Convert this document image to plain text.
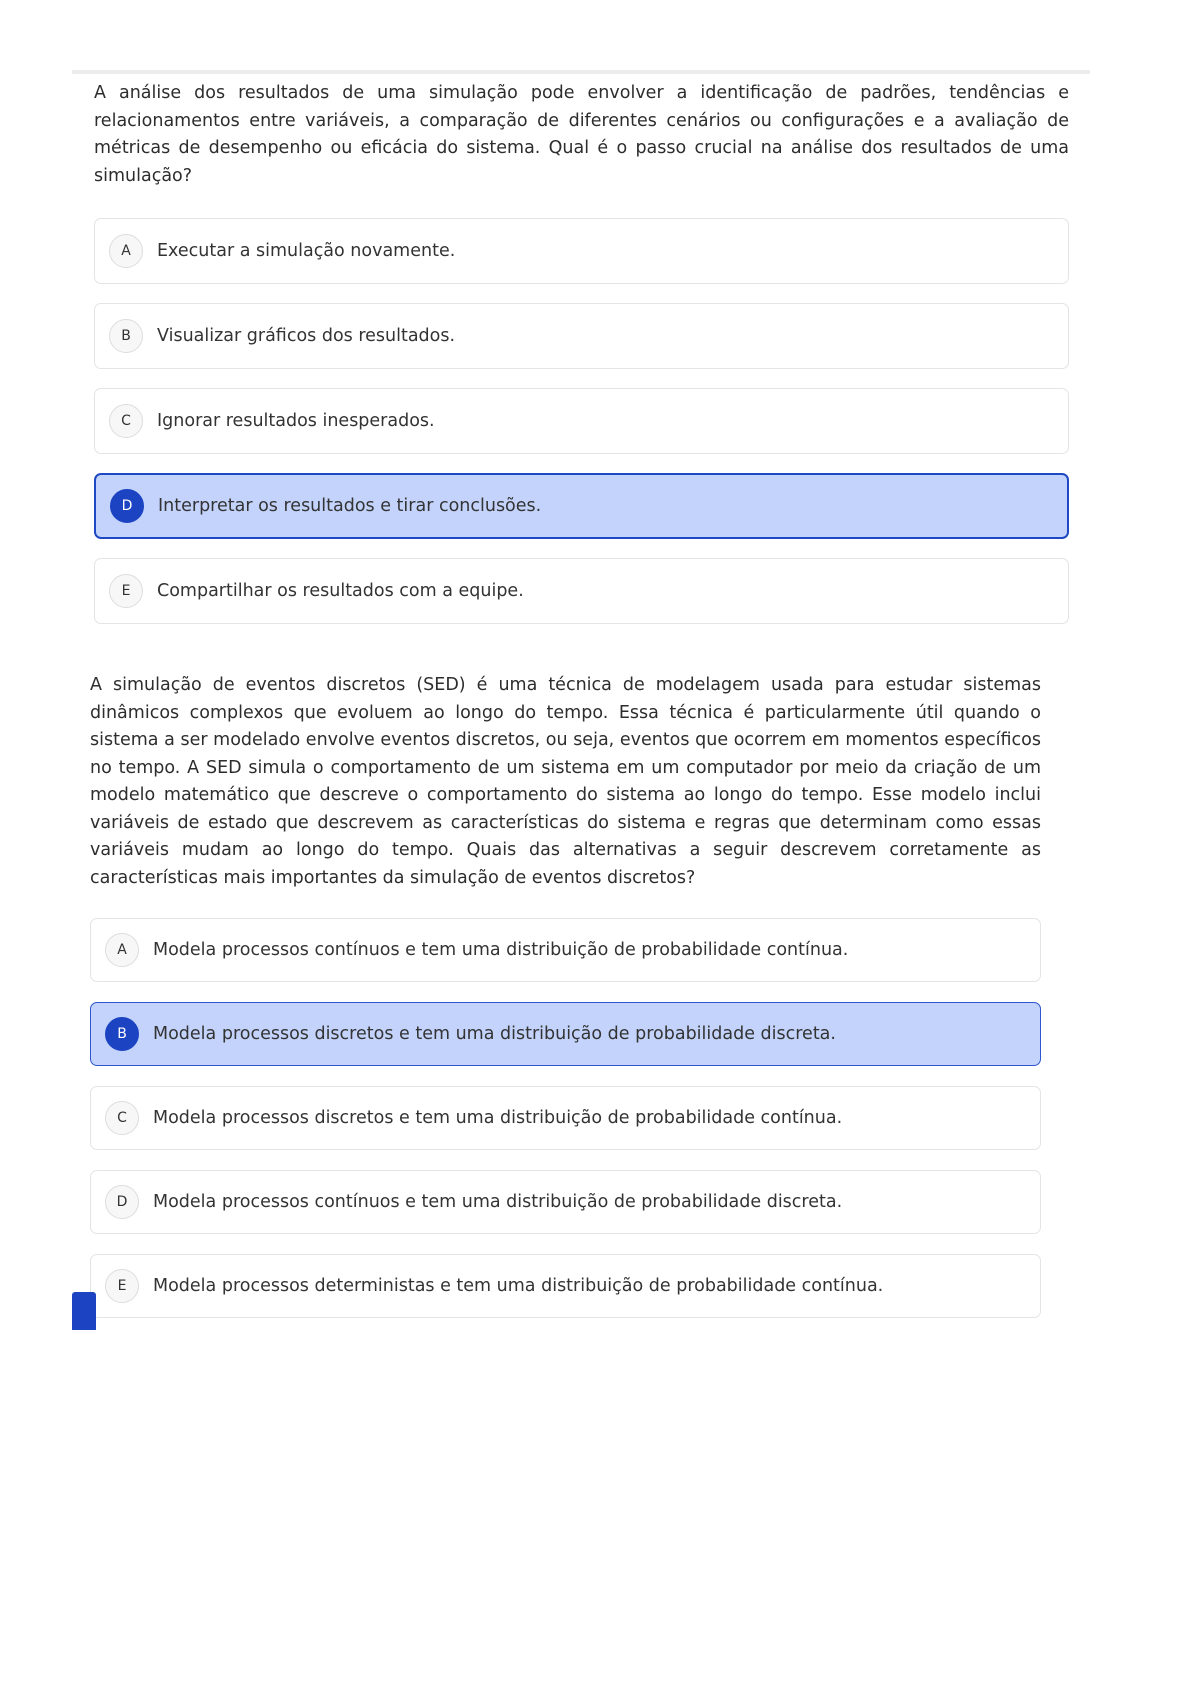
A análise dos resultados de uma simulação pode envolver a identificação de padrões, tendências e relacionamentos entre variáveis, a comparação de diferentes cenários ou configurações e a avaliação de métricas de desempenho ou eficácia do sistema. Qual é o passo crucial na análise dos resultados de uma simulação?

A	Executar a simulação novamente.
B	Visualizar gráficos dos resultados.
C	Ignorar resultados inesperados.
D	Interpretar os resultados e tirar conclusões.
E	Compartilhar os resultados com a equipe.

A simulação de eventos discretos (SED) é uma técnica de modelagem usada para estudar sistemas dinâmicos complexos que evoluem ao longo do tempo. Essa técnica é particularmente útil quando o sistema a ser modelado envolve eventos discretos, ou seja, eventos que ocorrem em momentos específicos no tempo. A SED simula o comportamento de um sistema em um computador por meio da criação de um modelo matemático que descreve o comportamento do sistema ao longo do tempo. Esse modelo inclui variáveis de estado que descrevem as características do sistema e regras que determinam como essas variáveis mudam ao longo do tempo. Quais das alternativas a seguir descrevem corretamente as características mais importantes da simulação de eventos discretos?

A	Modela processos contínuos e tem uma distribuição de probabilidade contínua.
B	Modela processos discretos e tem uma distribuição de probabilidade discreta.
C	Modela processos discretos e tem uma distribuição de probabilidade contínua.
D	Modela processos contínuos e tem uma distribuição de probabilidade discreta.
E	Modela processos deterministas e tem uma distribuição de probabilidade contínua.
